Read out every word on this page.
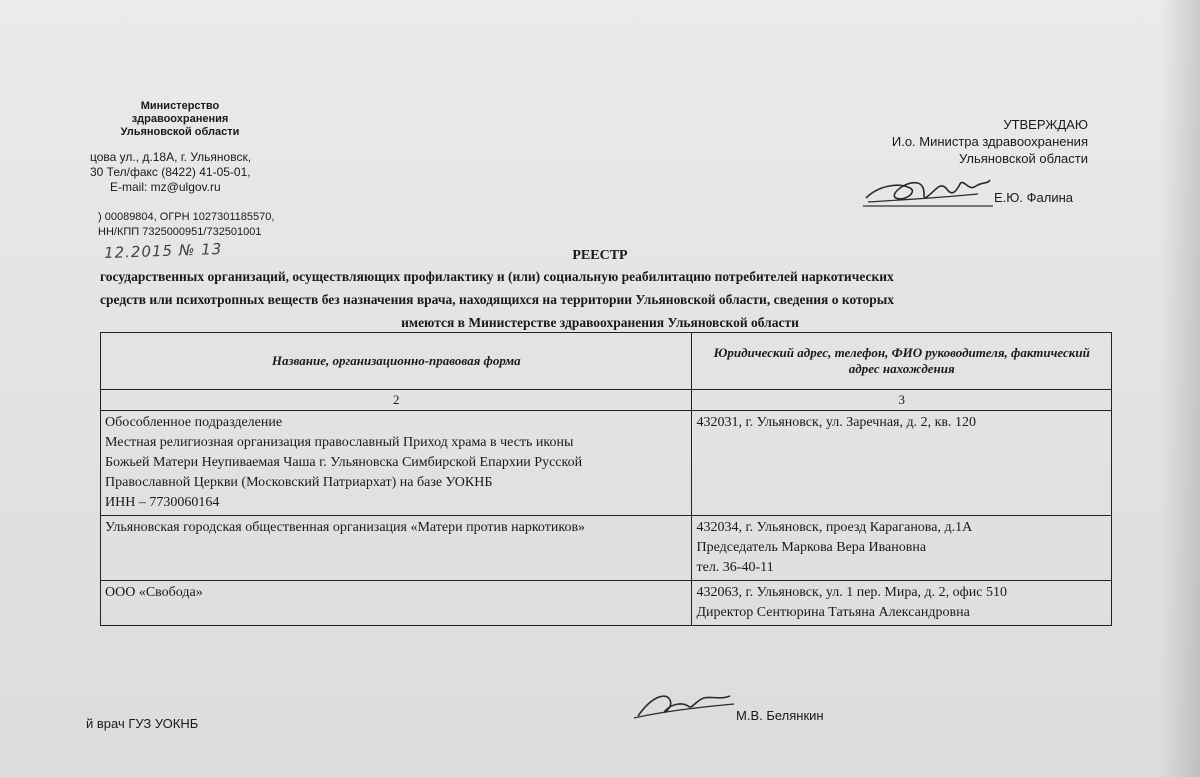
Министерство
здравоохранения
Ульяновской области
цова ул., д.18А, г. Ульяновск,
30 Тел/факс (8422) 41-05-01,
E-mail: mz@ulgov.ru
) 00089804, ОГРН 1027301185570,
НН/КПП 7325000951/732501001
12.2015 № 13
УТВЕРЖДАЮ
И.о. Министра здравоохранения
Ульяновской области
Е.Ю. Фалина
РЕЕСТР
государственных организаций, осуществляющих профилактику и (или) социальную реабилитацию потребителей наркотических
средств или психотропных веществ без назначения врача, находящихся на территории Ульяновской области, сведения о которых
имеются в Министерстве здравоохранения Ульяновской области
Название, организационно-правовая форма	Юридический адрес, телефон, ФИО руководителя, фактический адрес нахождения
2	3

Обособленное подразделение
Местная религиозная организация православный Приход храма в честь иконы
Божьей Матери Неупиваемая Чаша г. Ульяновска Симбирской Епархии Русской
Православной Церкви (Московский Патриархат) на базе УОКНБ
ИНН – 7730060164	432031, г. Ульяновск, ул. Заречная, д. 2, кв. 120

Ульяновская городская общественная организация «Матери против наркотиков»	432034, г. Ульяновск, проезд Караганова, д.1А
Председатель Маркова Вера Ивановна
тел. 36-40-11

ООО «Свобода»	432063, г. Ульяновск, ул. 1 пер. Мира, д. 2, офис 510
Директор Сентюрина Татьяна Александровна
й врач ГУЗ УОКНБ
М.В. Белянкин
